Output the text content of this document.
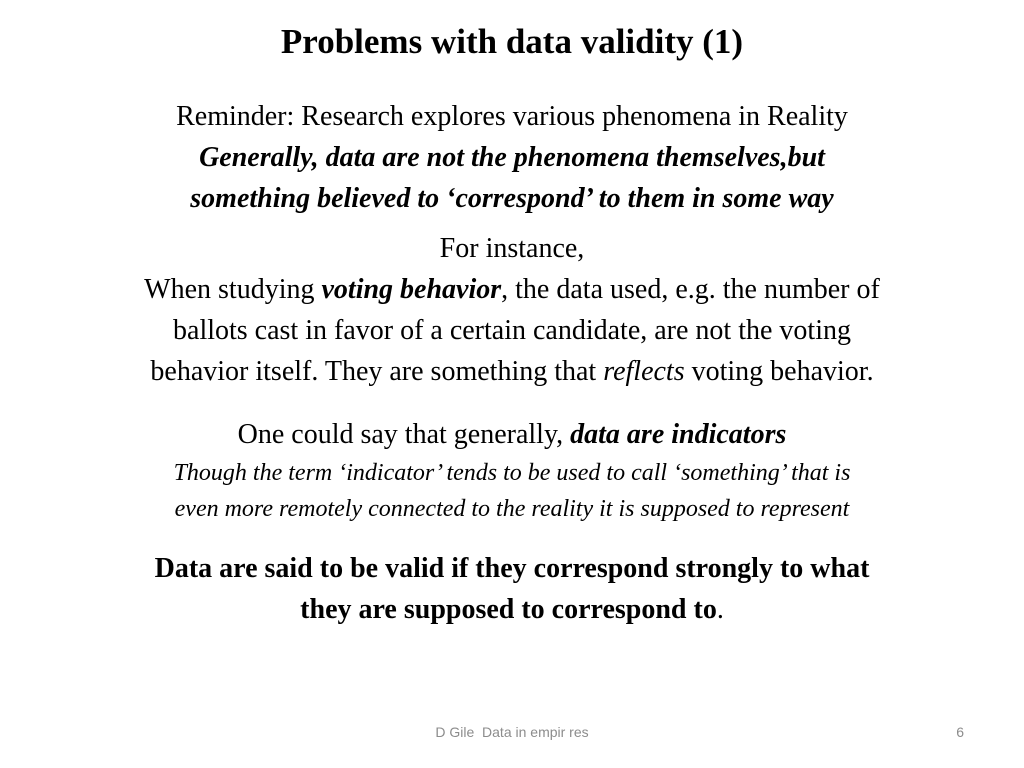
Problems with data validity (1)
Reminder: Research explores various phenomena in Reality
Generally, data are not the phenomena themselves,but
something believed to ‘correspond’ to them in some way
For instance,
When studying voting behavior, the data used, e.g. the number of
ballots cast in favor of a certain candidate, are not the voting
behavior itself. They are something that reflects voting behavior.
One could say that generally, data are indicators
Though the term ‘indicator’ tends to be used to call ‘something’ that is
even more remotely connected to the reality it is supposed to represent
Data are said to be valid if they correspond strongly to what
they are supposed to correspond to.
D Gile  Data in empir res	6
